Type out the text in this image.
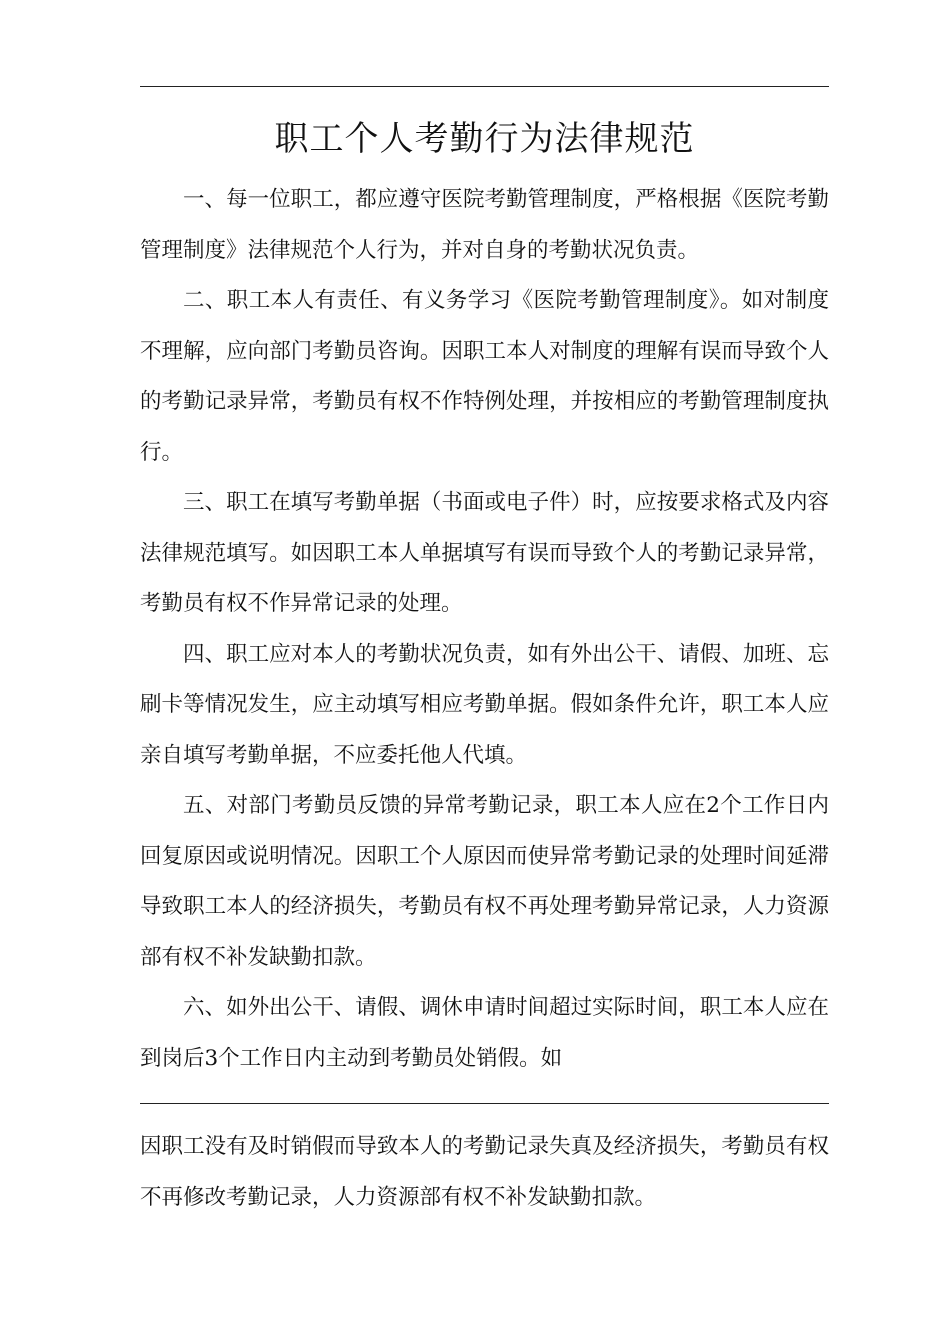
职工个人考勤行为法律规范

一、每一位职工，都应遵守医院考勤管理制度，严格根据《医院考勤管理制度》法律规范个人行为，并对自身的考勤状况负责。

二、职工本人有责任、有义务学习《医院考勤管理制度》。如对制度不理解，应向部门考勤员咨询。因职工本人对制度的理解有误而导致个人的考勤记录异常，考勤员有权不作特例处理，并按相应的考勤管理制度执行。

三、职工在填写考勤单据（书面或电子件）时，应按要求格式及内容法律规范填写。如因职工本人单据填写有误而导致个人的考勤记录异常，考勤员有权不作异常记录的处理。

四、职工应对本人的考勤状况负责，如有外出公干、请假、加班、忘刷卡等情况发生，应主动填写相应考勤单据。假如条件允许，职工本人应亲自填写考勤单据，不应委托他人代填。

五、对部门考勤员反馈的异常考勤记录，职工本人应在2个工作日内回复原因或说明情况。因职工个人原因而使异常考勤记录的处理时间延滞导致职工本人的经济损失，考勤员有权不再处理考勤异常记录，人力资源部有权不补发缺勤扣款。

六、如外出公干、请假、调休申请时间超过实际时间，职工本人应在到岗后3个工作日内主动到考勤员处销假。如

因职工没有及时销假而导致本人的考勤记录失真及经济损失，考勤员有权不再修改考勤记录，人力资源部有权不补发缺勤扣款。
